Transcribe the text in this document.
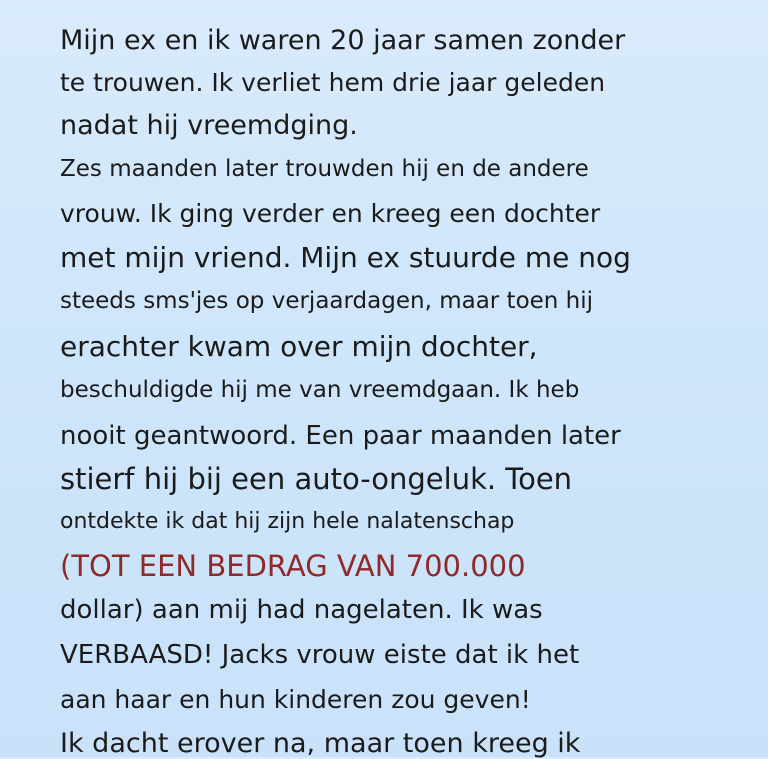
Mijn ex en ik waren 20 jaar samen zonder
te trouwen. Ik verliet hem drie jaar geleden
nadat hij vreemdging.
Zes maanden later trouwden hij en de andere
vrouw. Ik ging verder en kreeg een dochter
met mijn vriend. Mijn ex stuurde me nog
steeds sms'jes op verjaardagen, maar toen hij
erachter kwam over mijn dochter,
beschuldigde hij me van vreemdgaan. Ik heb
nooit geantwoord. Een paar maanden later
stierf hij bij een auto-ongeluk. Toen
ontdekte ik dat hij zijn hele nalatenschap
(TOT EEN BEDRAG VAN 700.000
dollar) aan mij had nagelaten. Ik was
VERBAASD! Jacks vrouw eiste dat ik het
aan haar en hun kinderen zou geven!
Ik dacht erover na, maar toen kreeg ik
